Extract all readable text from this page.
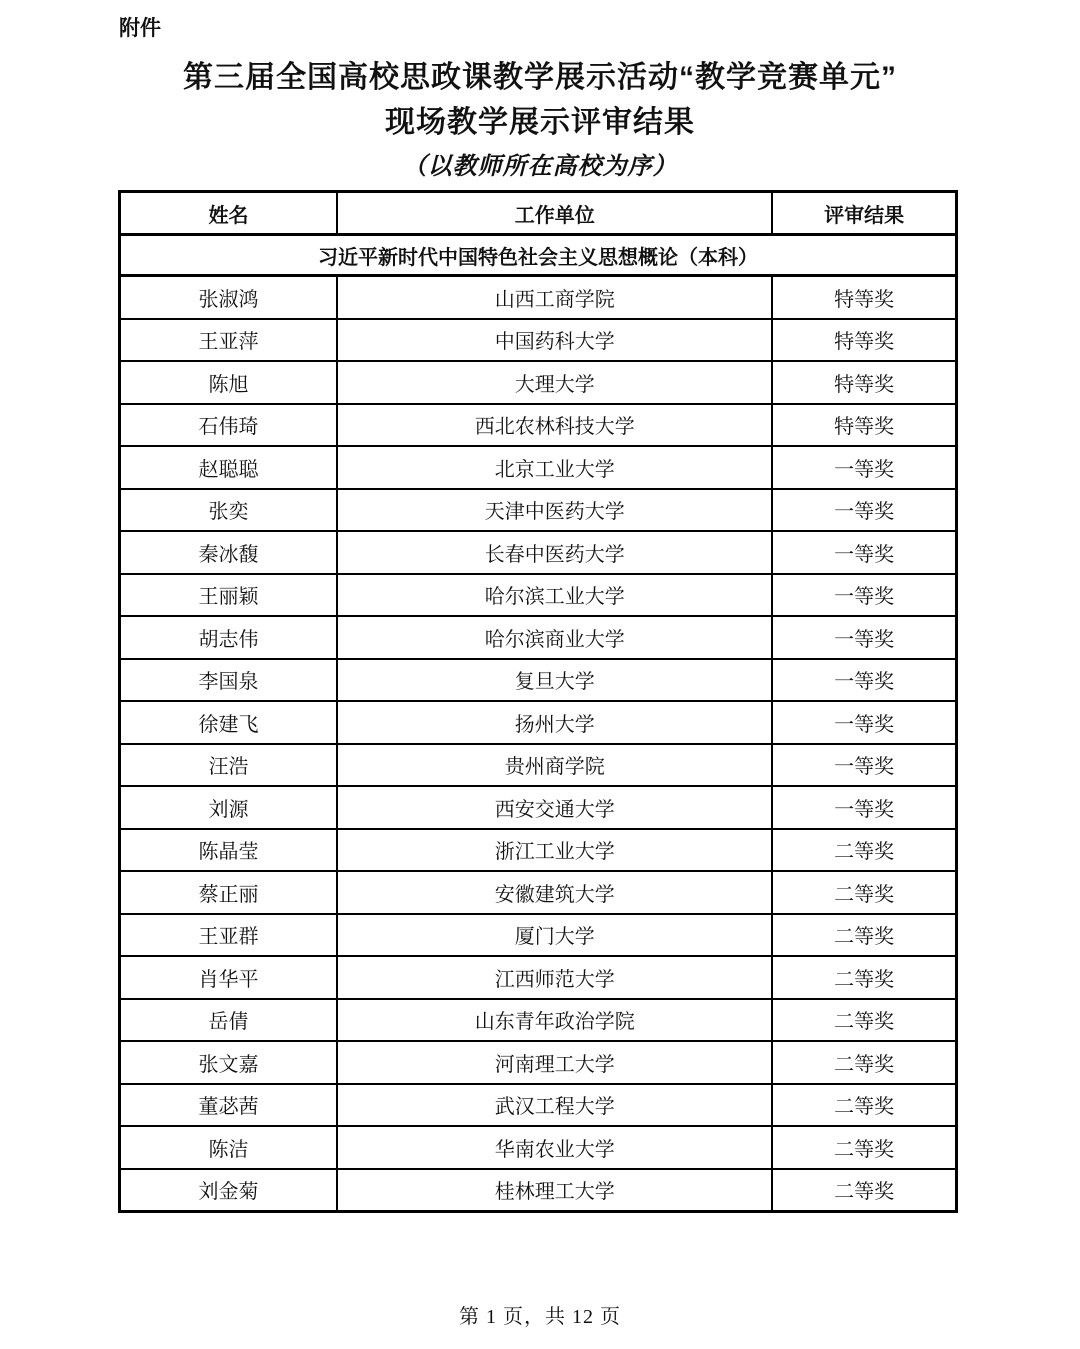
附件
第三届全国高校思政课教学展示活动“教学竞赛单元”
现场教学展示评审结果
（以教师所在高校为序）
姓名	工作单位	评审结果
习近平新时代中国特色社会主义思想概论（本科）		
张淑鸿	山西工商学院	特等奖
王亚萍	中国药科大学	特等奖
陈旭	大理大学	特等奖
石伟琦	西北农林科技大学	特等奖
赵聪聪	北京工业大学	一等奖
张奕	天津中医药大学	一等奖
秦冰馥	长春中医药大学	一等奖
王丽颖	哈尔滨工业大学	一等奖
胡志伟	哈尔滨商业大学	一等奖
李国泉	复旦大学	一等奖
徐建飞	扬州大学	一等奖
汪浩	贵州商学院	一等奖
刘源	西安交通大学	一等奖
陈晶莹	浙江工业大学	二等奖
蔡正丽	安徽建筑大学	二等奖
王亚群	厦门大学	二等奖
肖华平	江西师范大学	二等奖
岳倩	山东青年政治学院	二等奖
张文嘉	河南理工大学	二等奖
董苾茜	武汉工程大学	二等奖
陈洁	华南农业大学	二等奖
刘金菊	桂林理工大学	二等奖
第 1 页，共 12 页
